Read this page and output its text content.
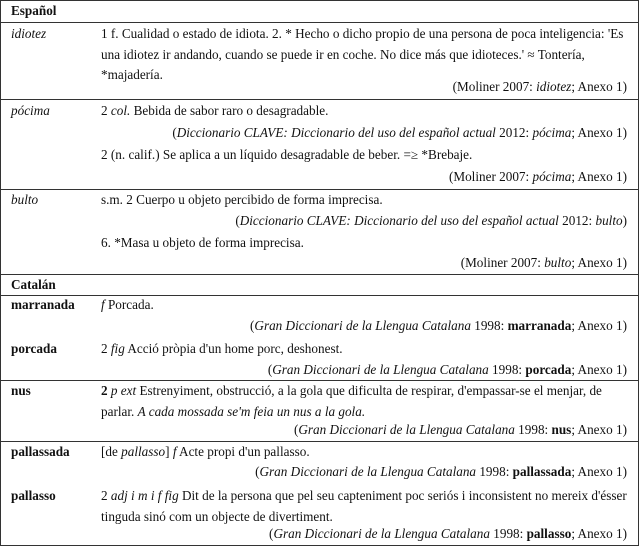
Español
idiotez	1 f. Cualidad o estado de idiota. 2. * Hecho o dicho propio de una persona de poca inteligencia: 'Es una idiotez ir andando, cuando se puede ir en coche. No dice más que idioteces.' ≈ Tontería, *majadería.
(Moliner 2007: idiotez; Anexo 1)
pócima	2 col. Bebida de sabor raro o desagradable.
(Diccionario CLAVE: Diccionario del uso del español actual 2012: pócima; Anexo 1)
2 (n. calif.) Se aplica a un líquido desagradable de beber. =≥ *Brebaje.
(Moliner 2007: pócima; Anexo 1)
bulto	s.m. 2 Cuerpo u objeto percibido de forma imprecisa.
(Diccionario CLAVE: Diccionario del uso del español actual 2012: bulto)
6. *Masa u objeto de forma imprecisa.
(Moliner 2007: bulto; Anexo 1)
Catalán
marranada f Porcada.
(Gran Diccionari de la Llengua Catalana 1998: marranada; Anexo 1)
porcada	2 fig Acció pròpia d'un home porc, deshonest.
(Gran Diccionari de la Llengua Catalana 1998: porcada; Anexo 1)
nus	2 p ext Estrenyiment, obstrucció, a la gola que dificulta de respirar, d'empassar-se el menjar, de parlar. A cada mossada se'm feia un nus a la gola.
(Gran Diccionari de la Llengua Catalana 1998: nus; Anexo 1)
pallassada [de pallasso] f Acte propi d'un pallasso.
(Gran Diccionari de la Llengua Catalana 1998: pallassada; Anexo 1)
pallasso	2 adj i m i f fig Dit de la persona que pel seu capteniment poc seriós i inconsistent no mereix d'ésser tinguda sinó com un objecte de divertiment.
(Gran Diccionari de la Llengua Catalana 1998: pallasso; Anexo 1)
